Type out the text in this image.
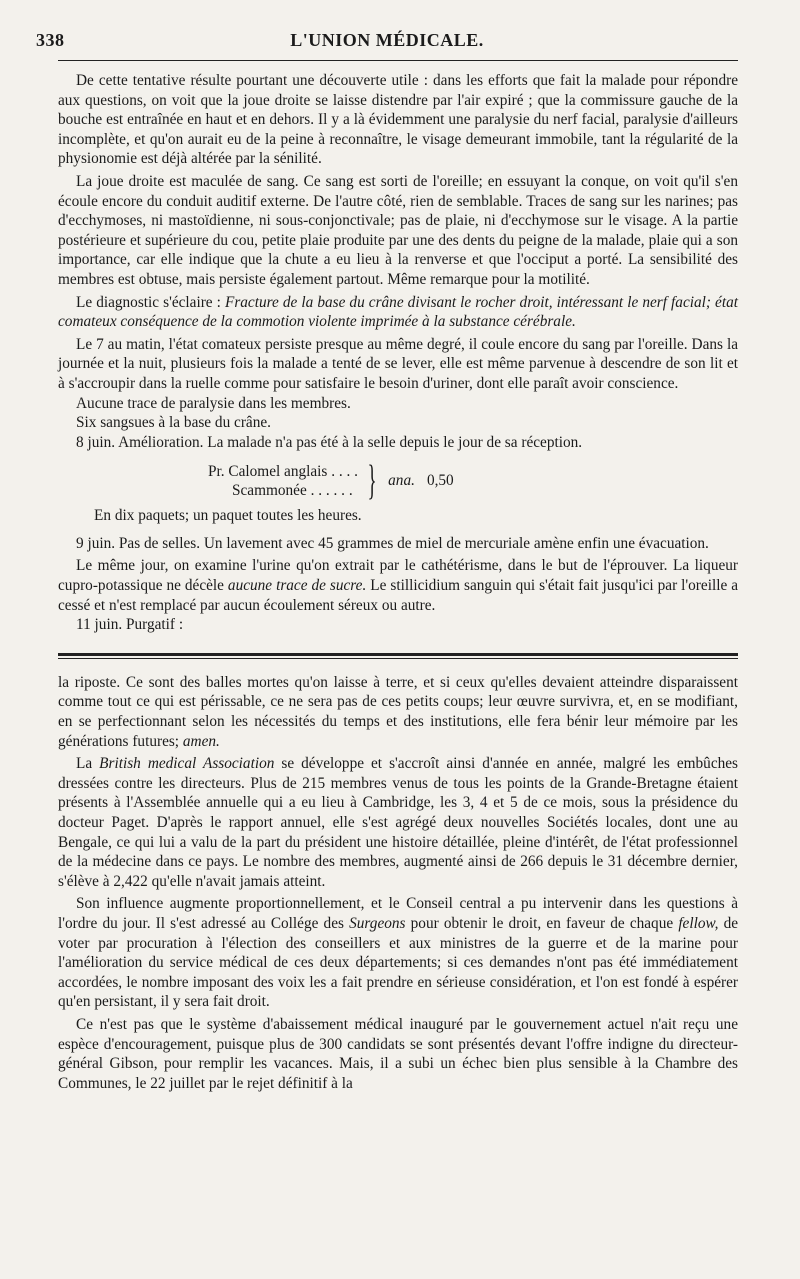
338	L'UNION MÉDICALE.

De cette tentative résulte pourtant une découverte utile : dans les efforts que fait la malade pour répondre aux questions, on voit que la joue droite se laisse distendre par l'air expiré ; que la commissure gauche de la bouche est entraînée en haut et en dehors. Il y a là évidemment une paralysie du nerf facial, paralysie d'ailleurs incomplète, et qu'on aurait eu de la peine à reconnaître, le visage demeurant immobile, tant la régularité de la physionomie est déjà altérée par la sénilité.

La joue droite est maculée de sang. Ce sang est sorti de l'oreille; en essuyant la conque, on voit qu'il s'en écoule encore du conduit auditif externe. De l'autre côté, rien de semblable. Traces de sang sur les narines; pas d'ecchymoses, ni mastoïdienne, ni sous-conjonctivale; pas de plaie, ni d'ecchymose sur le visage. A la partie postérieure et supérieure du cou, petite plaie produite par une des dents du peigne de la malade, plaie qui a son importance, car elle indique que la chute a eu lieu à la renverse et que l'occiput a porté. La sensibilité des membres est obtuse, mais persiste également partout. Même remarque pour la motilité.

Le diagnostic s'éclaire : Fracture de la base du crâne divisant le rocher droit, intéressant le nerf facial; état comateux conséquence de la commotion violente imprimée à la substance cérébrale.

Le 7 au matin, l'état comateux persiste presque au même degré, il coule encore du sang par l'oreille. Dans la journée et la nuit, plusieurs fois la malade a tenté de se lever, elle est même parvenue à descendre de son lit et à s'accroupir dans la ruelle comme pour satisfaire le besoin d'uriner, dont elle paraît avoir conscience.

Aucune trace de paralysie dans les membres.

Six sangsues à la base du crâne.

8 juin. Amélioration. La malade n'a pas été à la selle depuis le jour de sa réception.

Pr. Calomel anglais . . . .
Scammonée . . . . . . } ana. 0,50

En dix paquets; un paquet toutes les heures.

9 juin. Pas de selles. Un lavement avec 45 grammes de miel de mercuriale amène enfin une évacuation.

Le même jour, on examine l'urine qu'on extrait par le cathétérisme, dans le but de l'éprouver. La liqueur cupro-potassique ne décèle aucune trace de sucre. Le stillicidium sanguin qui s'était fait jusqu'ici par l'oreille a cessé et n'est remplacé par aucun écoulement séreux ou autre.

11 juin. Purgatif :

la riposte. Ce sont des balles mortes qu'on laisse à terre, et si ceux qu'elles devaient atteindre disparaissent comme tout ce qui est périssable, ce ne sera pas de ces petits coups; leur œuvre survivra, et, en se modifiant, en se perfectionnant selon les nécessités du temps et des institutions, elle fera bénir leur mémoire par les générations futures; amen.

La British medical Association se développe et s'accroît ainsi d'année en année, malgré les embûches dressées contre les directeurs. Plus de 215 membres venus de tous les points de la Grande-Bretagne étaient présents à l'Assemblée annuelle qui a eu lieu à Cambridge, les 3, 4 et 5 de ce mois, sous la présidence du docteur Paget. D'après le rapport annuel, elle s'est agrégé deux nouvelles Sociétés locales, dont une au Bengale, ce qui lui a valu de la part du président une histoire détaillée, pleine d'intérêt, de l'état professionnel de la médecine dans ce pays. Le nombre des membres, augmenté ainsi de 266 depuis le 31 décembre dernier, s'élève à 2,422 qu'elle n'avait jamais atteint.

Son influence augmente proportionnellement, et le Conseil central a pu intervenir dans les questions à l'ordre du jour. Il s'est adressé au Collége des Surgeons pour obtenir le droit, en faveur de chaque fellow, de voter par procuration à l'élection des conseillers et aux ministres de la guerre et de la marine pour l'amélioration du service médical de ces deux départements; si ces demandes n'ont pas été immédiatement accordées, le nombre imposant des voix les a fait prendre en sérieuse considération, et l'on est fondé à espérer qu'en persistant, il y sera fait droit.

Ce n'est pas que le système d'abaissement médical inauguré par le gouvernement actuel n'ait reçu une espèce d'encouragement, puisque plus de 300 candidats se sont présentés devant l'offre indigne du directeur-général Gibson, pour remplir les vacances. Mais, il a subi un échec bien plus sensible à la Chambre des Communes, le 22 juillet par le rejet définitif à la
